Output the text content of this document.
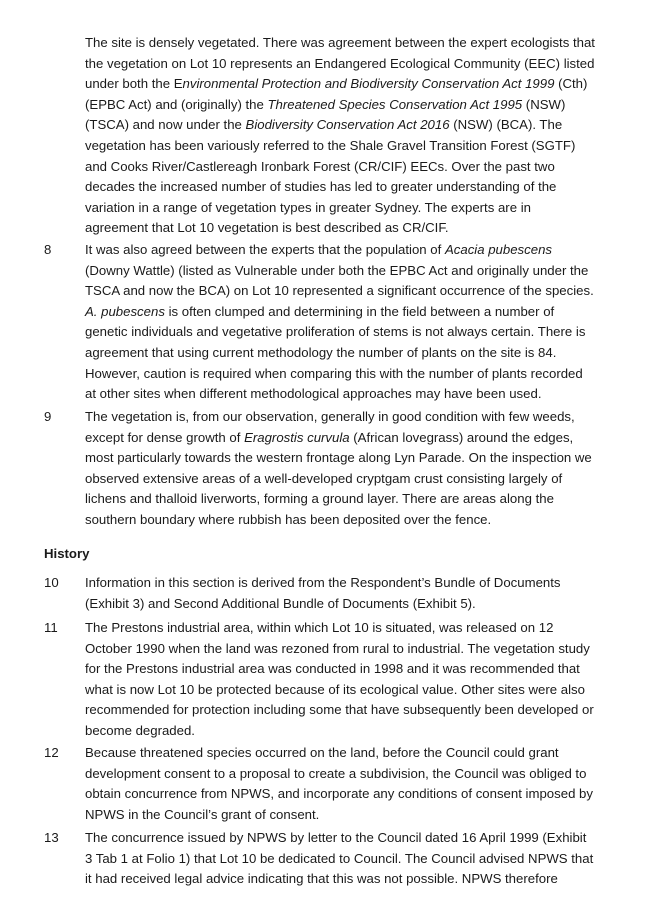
The site is densely vegetated. There was agreement between the expert ecologists that
the vegetation on Lot 10 represents an Endangered Ecological Community (EEC) listed
under both the Environmental Protection and Biodiversity Conservation Act 1999 (Cth)
(EPBC Act) and (originally) the Threatened Species Conservation Act 1995 (NSW)
(TSCA) and now under the Biodiversity Conservation Act 2016 (NSW) (BCA). The
vegetation has been variously referred to the Shale Gravel Transition Forest (SGTF)
and Cooks River/Castlereagh Ironbark Forest (CR/CIF) EECs. Over the past two
decades the increased number of studies has led to greater understanding of the
variation in a range of vegetation types in greater Sydney. The experts are in
agreement that Lot 10 vegetation is best described as CR/CIF.
8	It was also agreed between the experts that the population of Acacia pubescens
(Downy Wattle) (listed as Vulnerable under both the EPBC Act and originally under the
TSCA and now the BCA) on Lot 10 represented a significant occurrence of the species.
A. pubescens is often clumped and determining in the field between a number of
genetic individuals and vegetative proliferation of stems is not always certain. There is
agreement that using current methodology the number of plants on the site is 84.
However, caution is required when comparing this with the number of plants recorded
at other sites when different methodological approaches may have been used.
9	The vegetation is, from our observation, generally in good condition with few weeds,
except for dense growth of Eragrostis curvula (African lovegrass) around the edges,
most particularly towards the western frontage along Lyn Parade. On the inspection we
observed extensive areas of a well-developed cryptgam crust consisting largely of
lichens and thalloid liverworts, forming a ground layer. There are areas along the
southern boundary where rubbish has been deposited over the fence.
History
10 Information in this section is derived from the Respondent’s Bundle of Documents
(Exhibit 3) and Second Additional Bundle of Documents (Exhibit 5).
11 The Prestons industrial area, within which Lot 10 is situated, was released on 12
October 1990 when the land was rezoned from rural to industrial. The vegetation study
for the Prestons industrial area was conducted in 1998 and it was recommended that
what is now Lot 10 be protected because of its ecological value. Other sites were also
recommended for protection including some that have subsequently been developed or
become degraded.
12 Because threatened species occurred on the land, before the Council could grant
development consent to a proposal to create a subdivision, the Council was obliged to
obtain concurrence from NPWS, and incorporate any conditions of consent imposed by
NPWS in the Council’s grant of consent.
13 The concurrence issued by NPWS by letter to the Council dated 16 April 1999 (Exhibit
3 Tab 1 at Folio 1) that Lot 10 be dedicated to Council. The Council advised NPWS that
it had received legal advice indicating that this was not possible. NPWS therefore
